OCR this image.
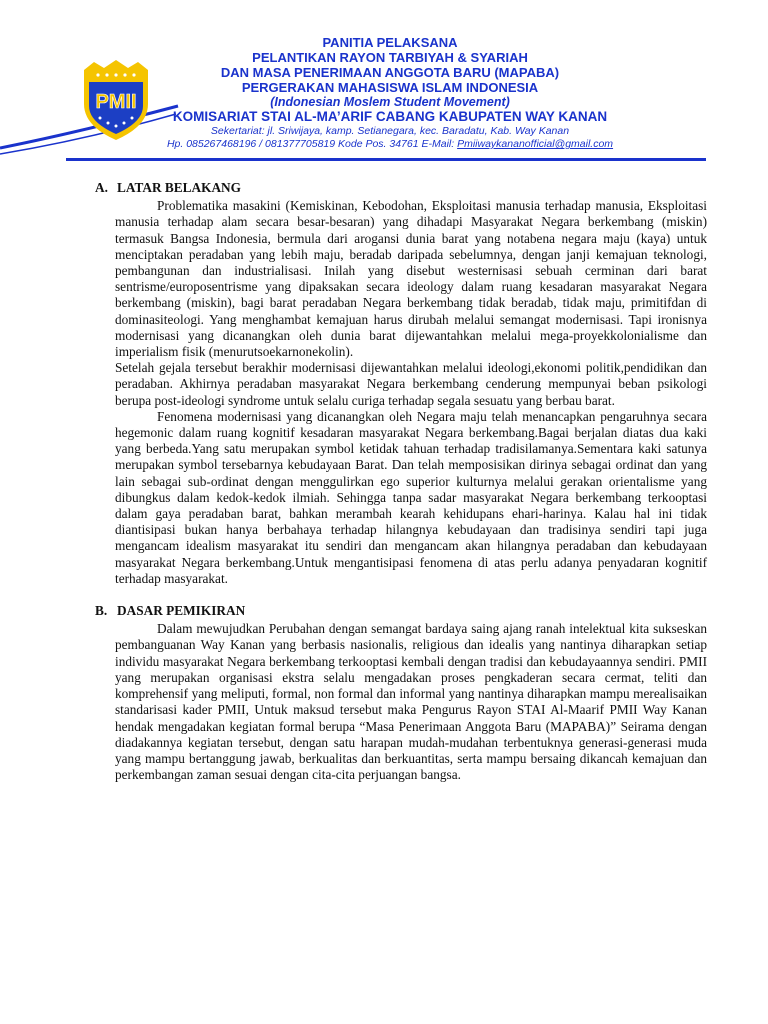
PMII
PANITIA PELAKSANA
PELANTIKAN RAYON TARBIYAH & SYARIAH
DAN MASA PENERIMAAN ANGGOTA BARU (MAPABA)
PERGERAKAN MAHASISWA ISLAM INDONESIA
(Indonesian Moslem Student Movement)
KOMISARIAT STAI AL-MA’ARIF CABANG KABUPATEN WAY KANAN
Sekertariat: jl. Sriwijaya, kamp. Setianegara, kec. Baradatu, Kab. Way Kanan
Hp. 085267468196 / 081377705819 Kode Pos. 34761 E-Mail: Pmiiwaykananofficial@gmail.com
A. LATAR BELAKANG

Problematika masakini (Kemiskinan, Kebodohan, Eksploitasi manusia terhadap manusia, Eksploitasi manusia terhadap alam secara besar-besaran) yang dihadapi Masyarakat Negara berkembang (miskin) termasuk Bangsa Indonesia, bermula dari arogansi dunia barat yang notabena negara maju (kaya) untuk menciptakan peradaban yang lebih maju, beradab daripada sebelumnya, dengan janji kemajuan teknologi, pembangunan dan industrialisasi. Inilah yang disebut westernisasi sebuah cerminan dari barat sentrisme/europosentrisme yang dipaksakan secara ideology dalam ruang kesadaran masyarakat Negara berkembang (miskin), bagi barat peradaban Negara berkembang tidak beradab, tidak maju, primitifdan di dominasiteologi. Yang menghambat kemajuan harus dirubah melalui semangat modernisasi. Tapi ironisnya modernisasi yang dicanangkan oleh dunia barat dijewantahkan melalui mega-proyekkolonialisme dan imperialism fisik (menurutsoekarnonekolin).

Setelah gejala tersebut berakhir modernisasi dijewantahkan melalui ideologi,ekonomi politik,pendidikan dan peradaban. Akhirnya peradaban masyarakat Negara berkembang cenderung mempunyai beban psikologi berupa post-ideologi syndrome untuk selalu curiga terhadap segala sesuatu yang berbau barat.

Fenomena modernisasi yang dicanangkan oleh Negara maju telah menancapkan pengaruhnya secara hegemonic dalam ruang kognitif kesadaran masyarakat Negara berkembang.Bagai berjalan diatas dua kaki yang berbeda.Yang satu merupakan symbol ketidak tahuan terhadap tradisilamanya.Sementara kaki satunya merupakan symbol tersebarnya kebudayaan Barat. Dan telah memposisikan dirinya sebagai ordinat dan yang lain sebagai sub-ordinat dengan menggulirkan ego superior kulturnya melalui gerakan orientalisme yang dibungkus dalam kedok-kedok ilmiah. Sehingga tanpa sadar masyarakat Negara berkembang terkooptasi dalam gaya peradaban barat, bahkan merambah kearah kehidupans ehari-harinya. Kalau hal ini tidak diantisipasi bukan hanya berbahaya terhadap hilangnya kebudayaan dan tradisinya sendiri tapi juga mengancam idealism masyarakat itu sendiri dan mengancam akan hilangnya peradaban dan kebudayaan masyarakat Negara berkembang.Untuk mengantisipasi fenomena di atas perlu adanya penyadaran kognitif terhadap masyarakat.

B. DASAR PEMIKIRAN

Dalam mewujudkan Perubahan dengan semangat bardaya saing ajang ranah intelektual kita sukseskan pembanguanan Way Kanan yang berbasis nasionalis, religious dan idealis yang nantinya diharapkan setiap individu masyarakat Negara berkembang terkooptasi kembali dengan tradisi dan kebudayaannya sendiri. PMII yang merupakan organisasi ekstra selalu mengadakan proses pengkaderan secara cermat, teliti dan komprehensif yang meliputi, formal, non formal dan informal yang nantinya diharapkan mampu merealisaikan standarisasi kader PMII, Untuk maksud tersebut maka Pengurus Rayon STAI Al-Maarif PMII Way Kanan hendak mengadakan kegiatan formal berupa “Masa Penerimaan Anggota Baru (MAPABA)” Seirama dengan diadakannya kegiatan tersebut, dengan satu harapan mudah-mudahan terbentuknya generasi-generasi muda yang mampu bertanggung jawab, berkualitas dan berkuantitas, serta mampu bersaing dikancah kemajuan dan perkembangan zaman sesuai dengan cita-cita perjuangan bangsa.
